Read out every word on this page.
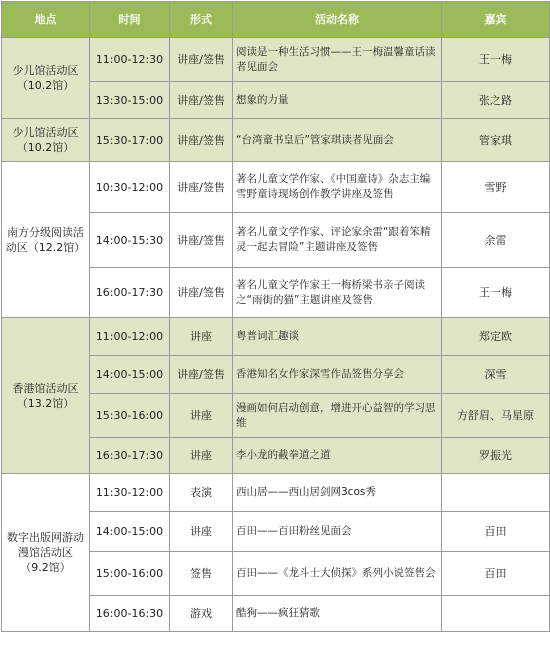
地点	时间	形式	活动名称	嘉宾

少儿馆活动区（10.2馆）	11:00-12:30	讲座/签售	阅读是一种生活习惯——王一梅温馨童话读者见面会	王一梅
	13:30-15:00	讲座/签售	想象的力量	张之路

少儿馆活动区（10.2馆）	15:30-17:00	讲座/签售	“台湾童书皇后”管家琪读者见面会	管家琪

南方分级阅读活动区（12.2馆）	10:30-12:00	讲座/签售	著名儿童文学作家、《中国童诗》杂志主编雪野童诗现场创作教学讲座及签售	雪野
	14:00-15:30	讲座/签售	著名儿童文学作家、评论家余雷“跟着笨精灵一起去冒险”主题讲座及签售	余雷
	16:00-17:30	讲座/签售	著名儿童文学作家王一梅桥梁书亲子阅读之“雨街的猫”主题讲座及签售	王一梅

香港馆活动区（13.2馆）	11:00-12:00	讲座	粤普词汇趣谈	郑定欧
	14:00-15:00	讲座/签售	香港知名女作家深雪作品签售分享会	深雪
	15:30-16:00	讲座	漫画如何启动创意，增进开心益智的学习思维	方舒眉、马星原
	16:30-17:30	讲座	李小龙的截拳道之道	罗振光

数字出版网游动漫馆活动区（9.2馆）	11:30-12:00	表演	西山居——西山居剑网3cos秀	
	14:00-15:00	讲座	百田——百田粉丝见面会	百田
	15:00-16:00	签售	百田——《龙斗士大侦探》系列小说签售会	百田
	16:00-16:30	游戏	酷狗——疯狂猜歌	
